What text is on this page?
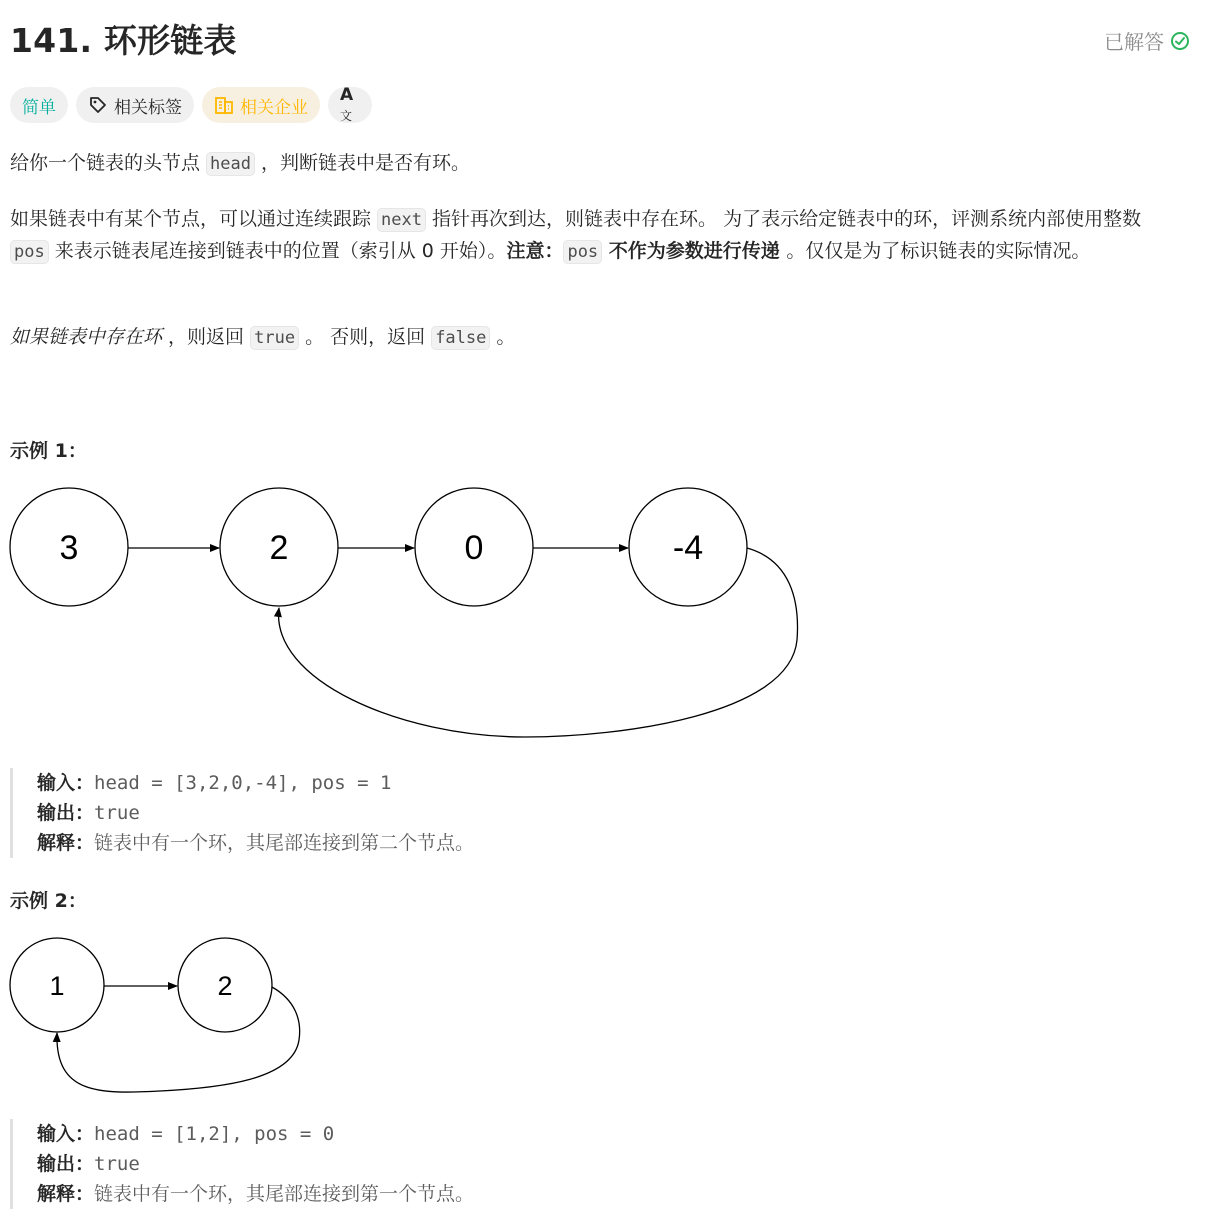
141. 环形链表	已解答
简单	相关标签	相关企业
A文
给你一个链表的头节点 head ，判断链表中是否有环。
如果链表中有某个节点，可以通过连续跟踪 next 指针再次到达，则链表中存在环。 为了表示给定链表中的环，评测系统内部使用整数 pos 来表示链表尾连接到链表中的位置（索引从 0 开始）。注意： pos 不作为参数进行传递 。仅仅是为了标识链表的实际情况。
如果链表中存在环 ，则返回 true 。 否则，返回 false 。
示例 1：
3	2	0	-4
输入：head = [3,2,0,-4], pos = 1
输出：true
解释：链表中有一个环，其尾部连接到第二个节点。
示例 2：
1	2
输入：head = [1,2], pos = 0
输出：true
解释：链表中有一个环，其尾部连接到第一个节点。
